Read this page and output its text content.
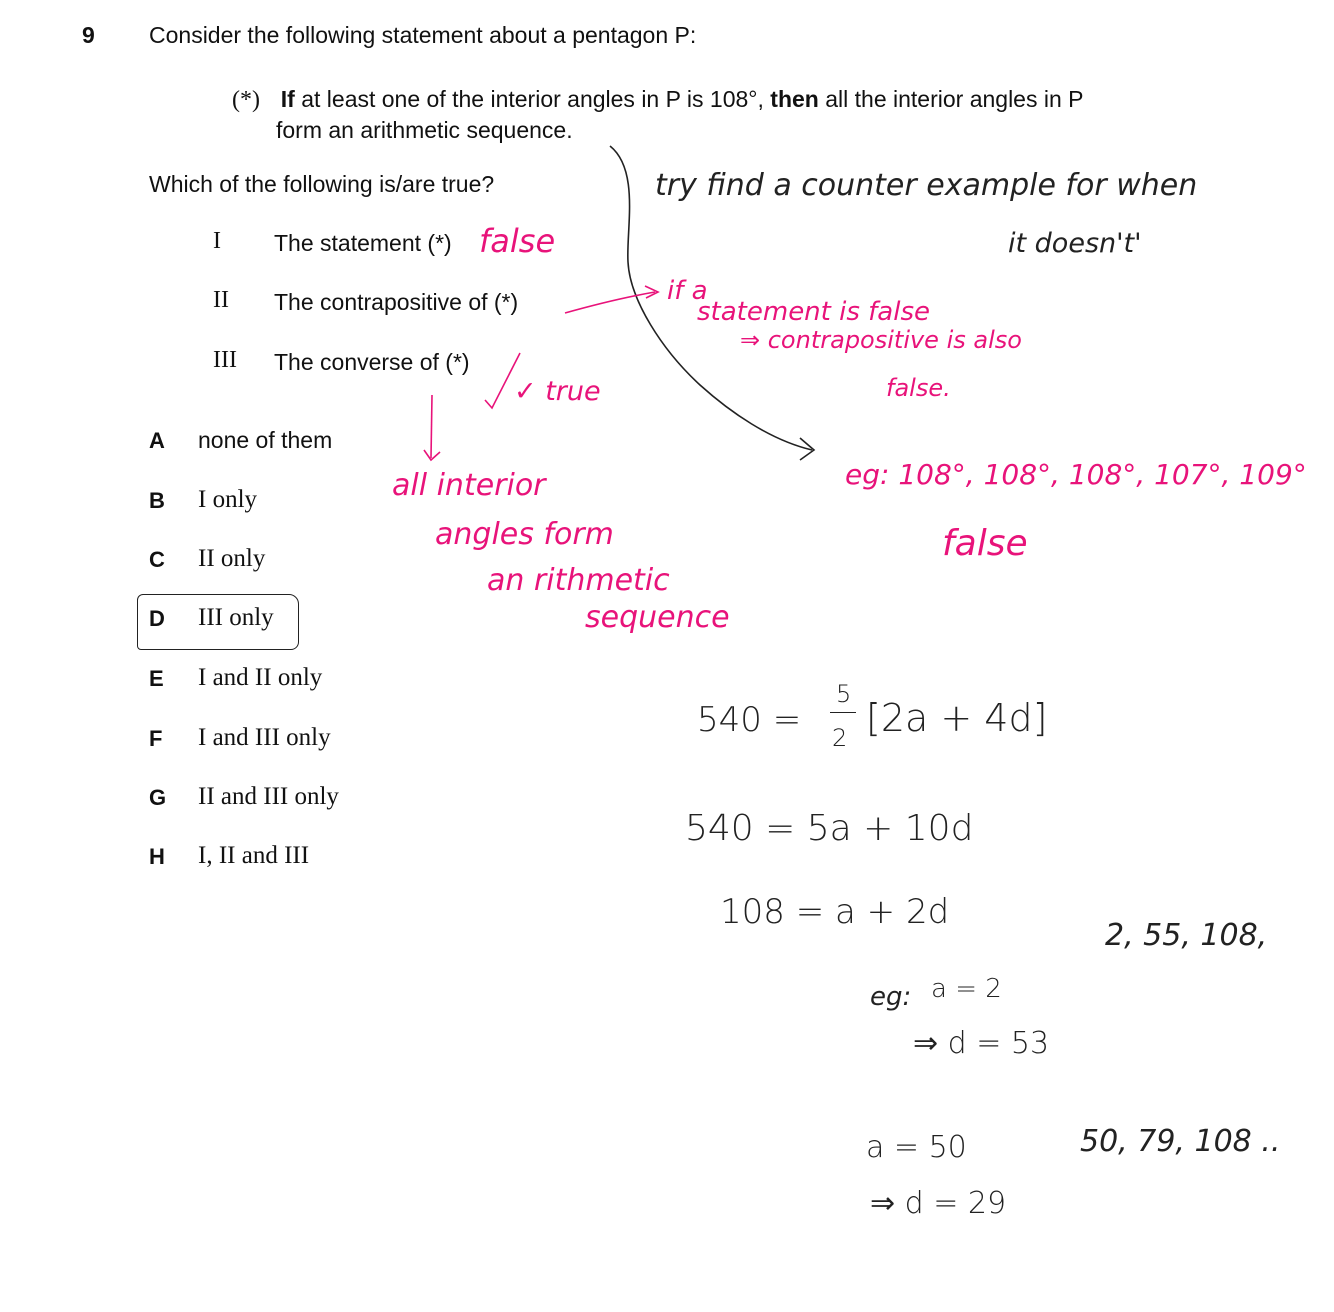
9 Consider the following statement about a pentagon P:
(*) If at least one of the interior angles in P is 108°, then all the interior angles in P
form an arithmetic sequence.
Which of the following is/are true?
I The statement (*)
II The contrapositive of (*)
III The converse of (*)
A none of them
B I only
C II only
D III only
E I and II only
F I and III only
G II and III only
H I, II and III
false
✓ true
all interior
angles form
an rithmetic
sequence
if a
statement is false
⇒ contrapositive is also
false.
eg: 108°, 108°, 108°, 107°, 109°
false
try find a counter example for when
it doesn't'
540 =
5
2 [2a + 4d]
540 = 5a + 10d
108 = a + 2d
eg: a = 2
⇒ d = 53
2, 55, 108,
a = 50
⇒ d = 29
50, 79, 108 ..
